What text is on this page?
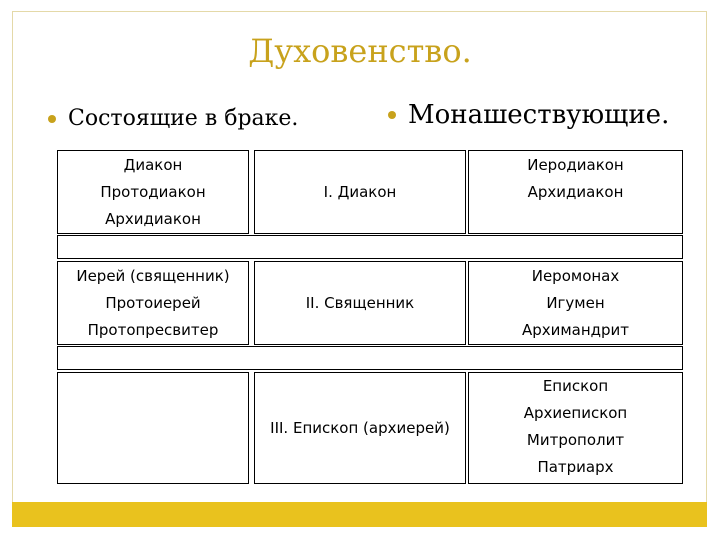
Духовенство.
Состоящие в браке.	Монашествующие.
Диакон
Протодиакон
Архидиакон
I. Диакон
Иеродиакон
Архидиакон
Иерей (священник)
Протоиерей
Протопресвитер
II. Священник
Иеромонах
Игумен
Архимандрит
III. Епископ (архиерей)
Епископ
Архиепископ
Митрополит
Патриарх
